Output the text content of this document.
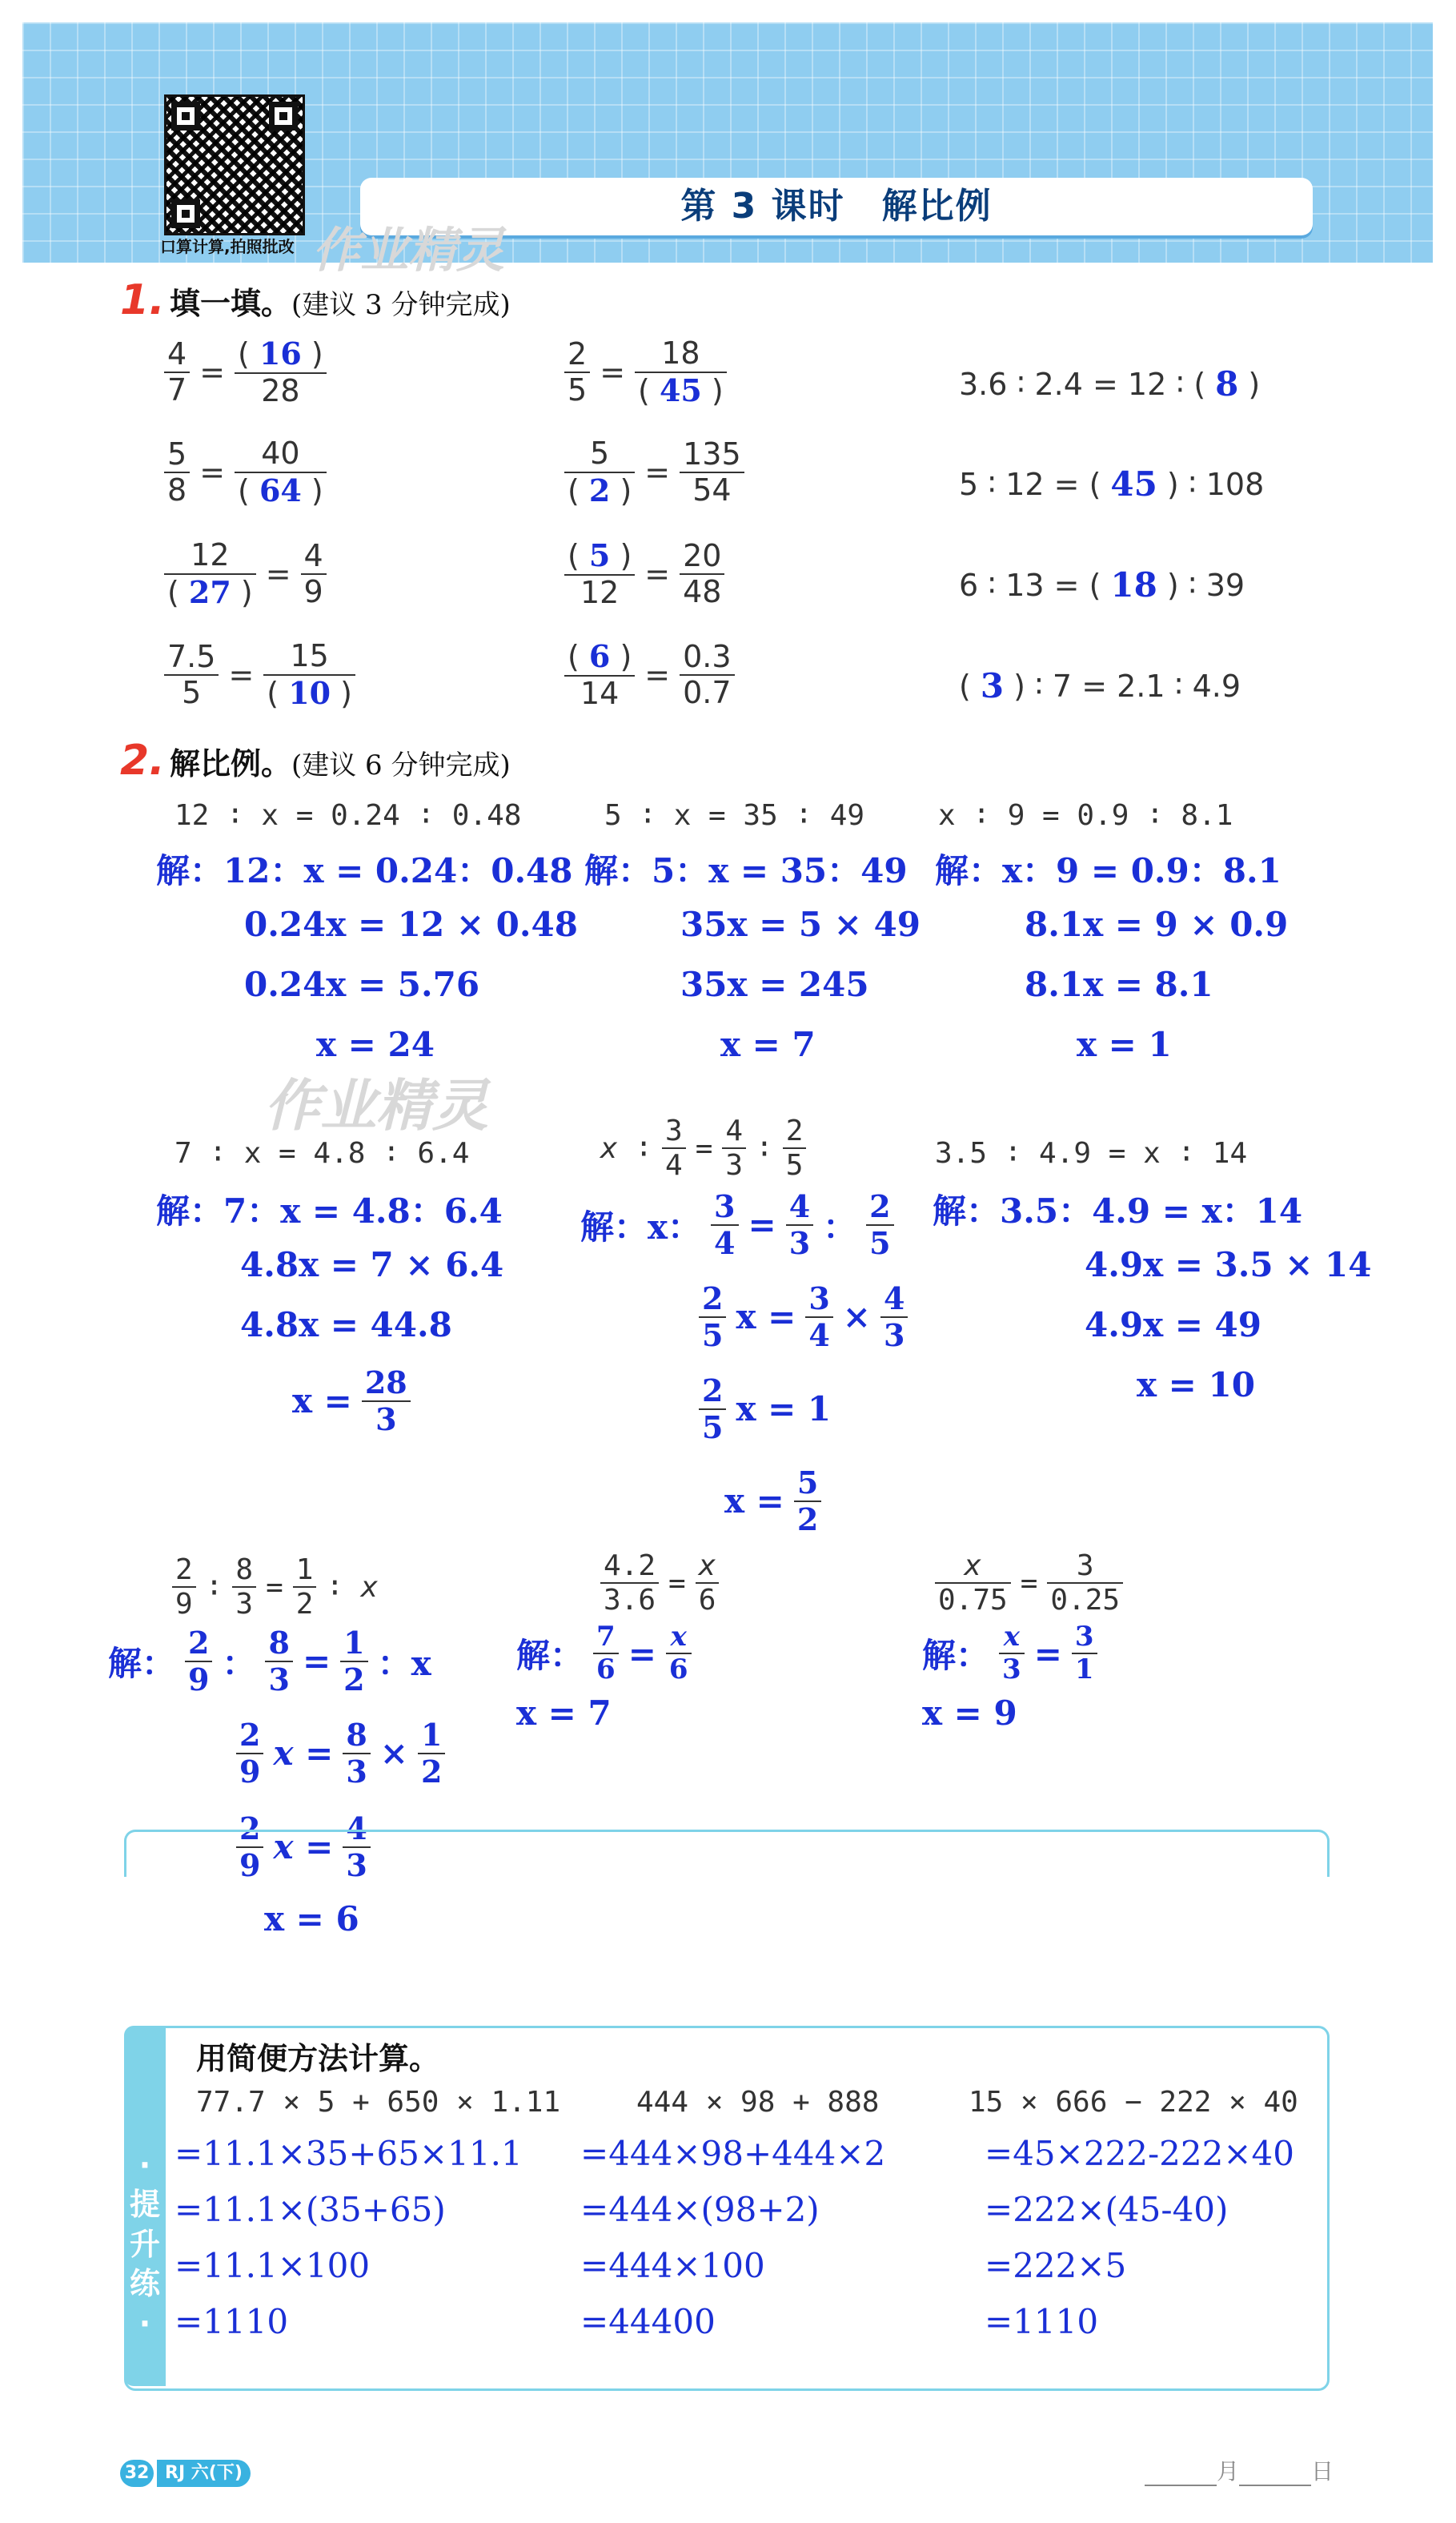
口算计算,拍照批改
第 3 课时　解比例
作业精灵
1. 填一填。(建议 3 分钟完成)
4
7 =
( 16 )
28
5
8 =
40
( 64 )
12
( 27 )
=
4
9
7.5
5 =
15
( 10 )
2
5 =
18
( 45 )
5
( 2 )
=
135
54
( 5 )
12
=
20
48
( 6 )
14
=
0.3
0.7
3.6 ∶ 2.4 = 12 ∶ ( 8 )
5 ∶ 12 = ( 45 ) ∶ 108
6 ∶ 13 = ( 18 ) ∶ 39
( 3 ) ∶ 7 = 2.1 ∶ 4.9
2. 解比例。(建议 6 分钟完成)
12 ∶ x = 0.24 ∶ 0.48
解：12：x = 0.24：0.48
0.24x = 12 × 0.48
0.24x = 5.76
x = 24
5 ∶ x = 35 ∶ 49
解：5：x = 35：49
35x = 5 × 49
35x = 245
x = 7
x ∶ 9 = 0.9 ∶ 8.1
解：x：9 = 0.9：8.1
8.1x = 9 × 0.9
8.1x = 8.1
x = 1
作业精灵
7 ∶ x = 4.8 ∶ 6.4
解：7：x = 4.8：6.4
4.8x = 7 × 6.4
4.8x = 44.8
$x = \frac{28}{3}$
x ∶
3
4
=
4
3
∶
2
5
解：x：
3
4 = 4
3 ：
2
5
2
5 $x = \frac{3}{4} \times 4$
3
2
5 x = 1
$x = \frac{5}{2}$
3.5 ∶ 4.9 = x ∶ 14
解：3.5：4.9 = x：14
4.9x = 3.5 × 14
4.9x = 49
x = 10
2
9
∶
8
3
=
1
2
∶ x
解：
2
9 ：
8
3 = 1
2 ：x
2
9 $x = \frac{8}{3} \times 1$
2
2
9 $x = \frac{4}{3}$
x = 6
4.2
3.6
=
x
6
解： 7
6 = x
6
x = 7
x
0.75
=
3
0.25
解： x
3 = 3
1
x = 9
·提升练·
用简便方法计算。
77.7 × 5 + 650 × 1.11
=11.1×35+65×11.1
=11.1×(35+65)
=11.1×100
=1110
444 × 98 + 888
=444×98+444×2
=444×(98+2)
=444×100
=44400
15 × 666 − 222 × 40
=45×222-222×40
=222×(45-40)
=222×5
=1110
32 RJ 六(下)	月	日
